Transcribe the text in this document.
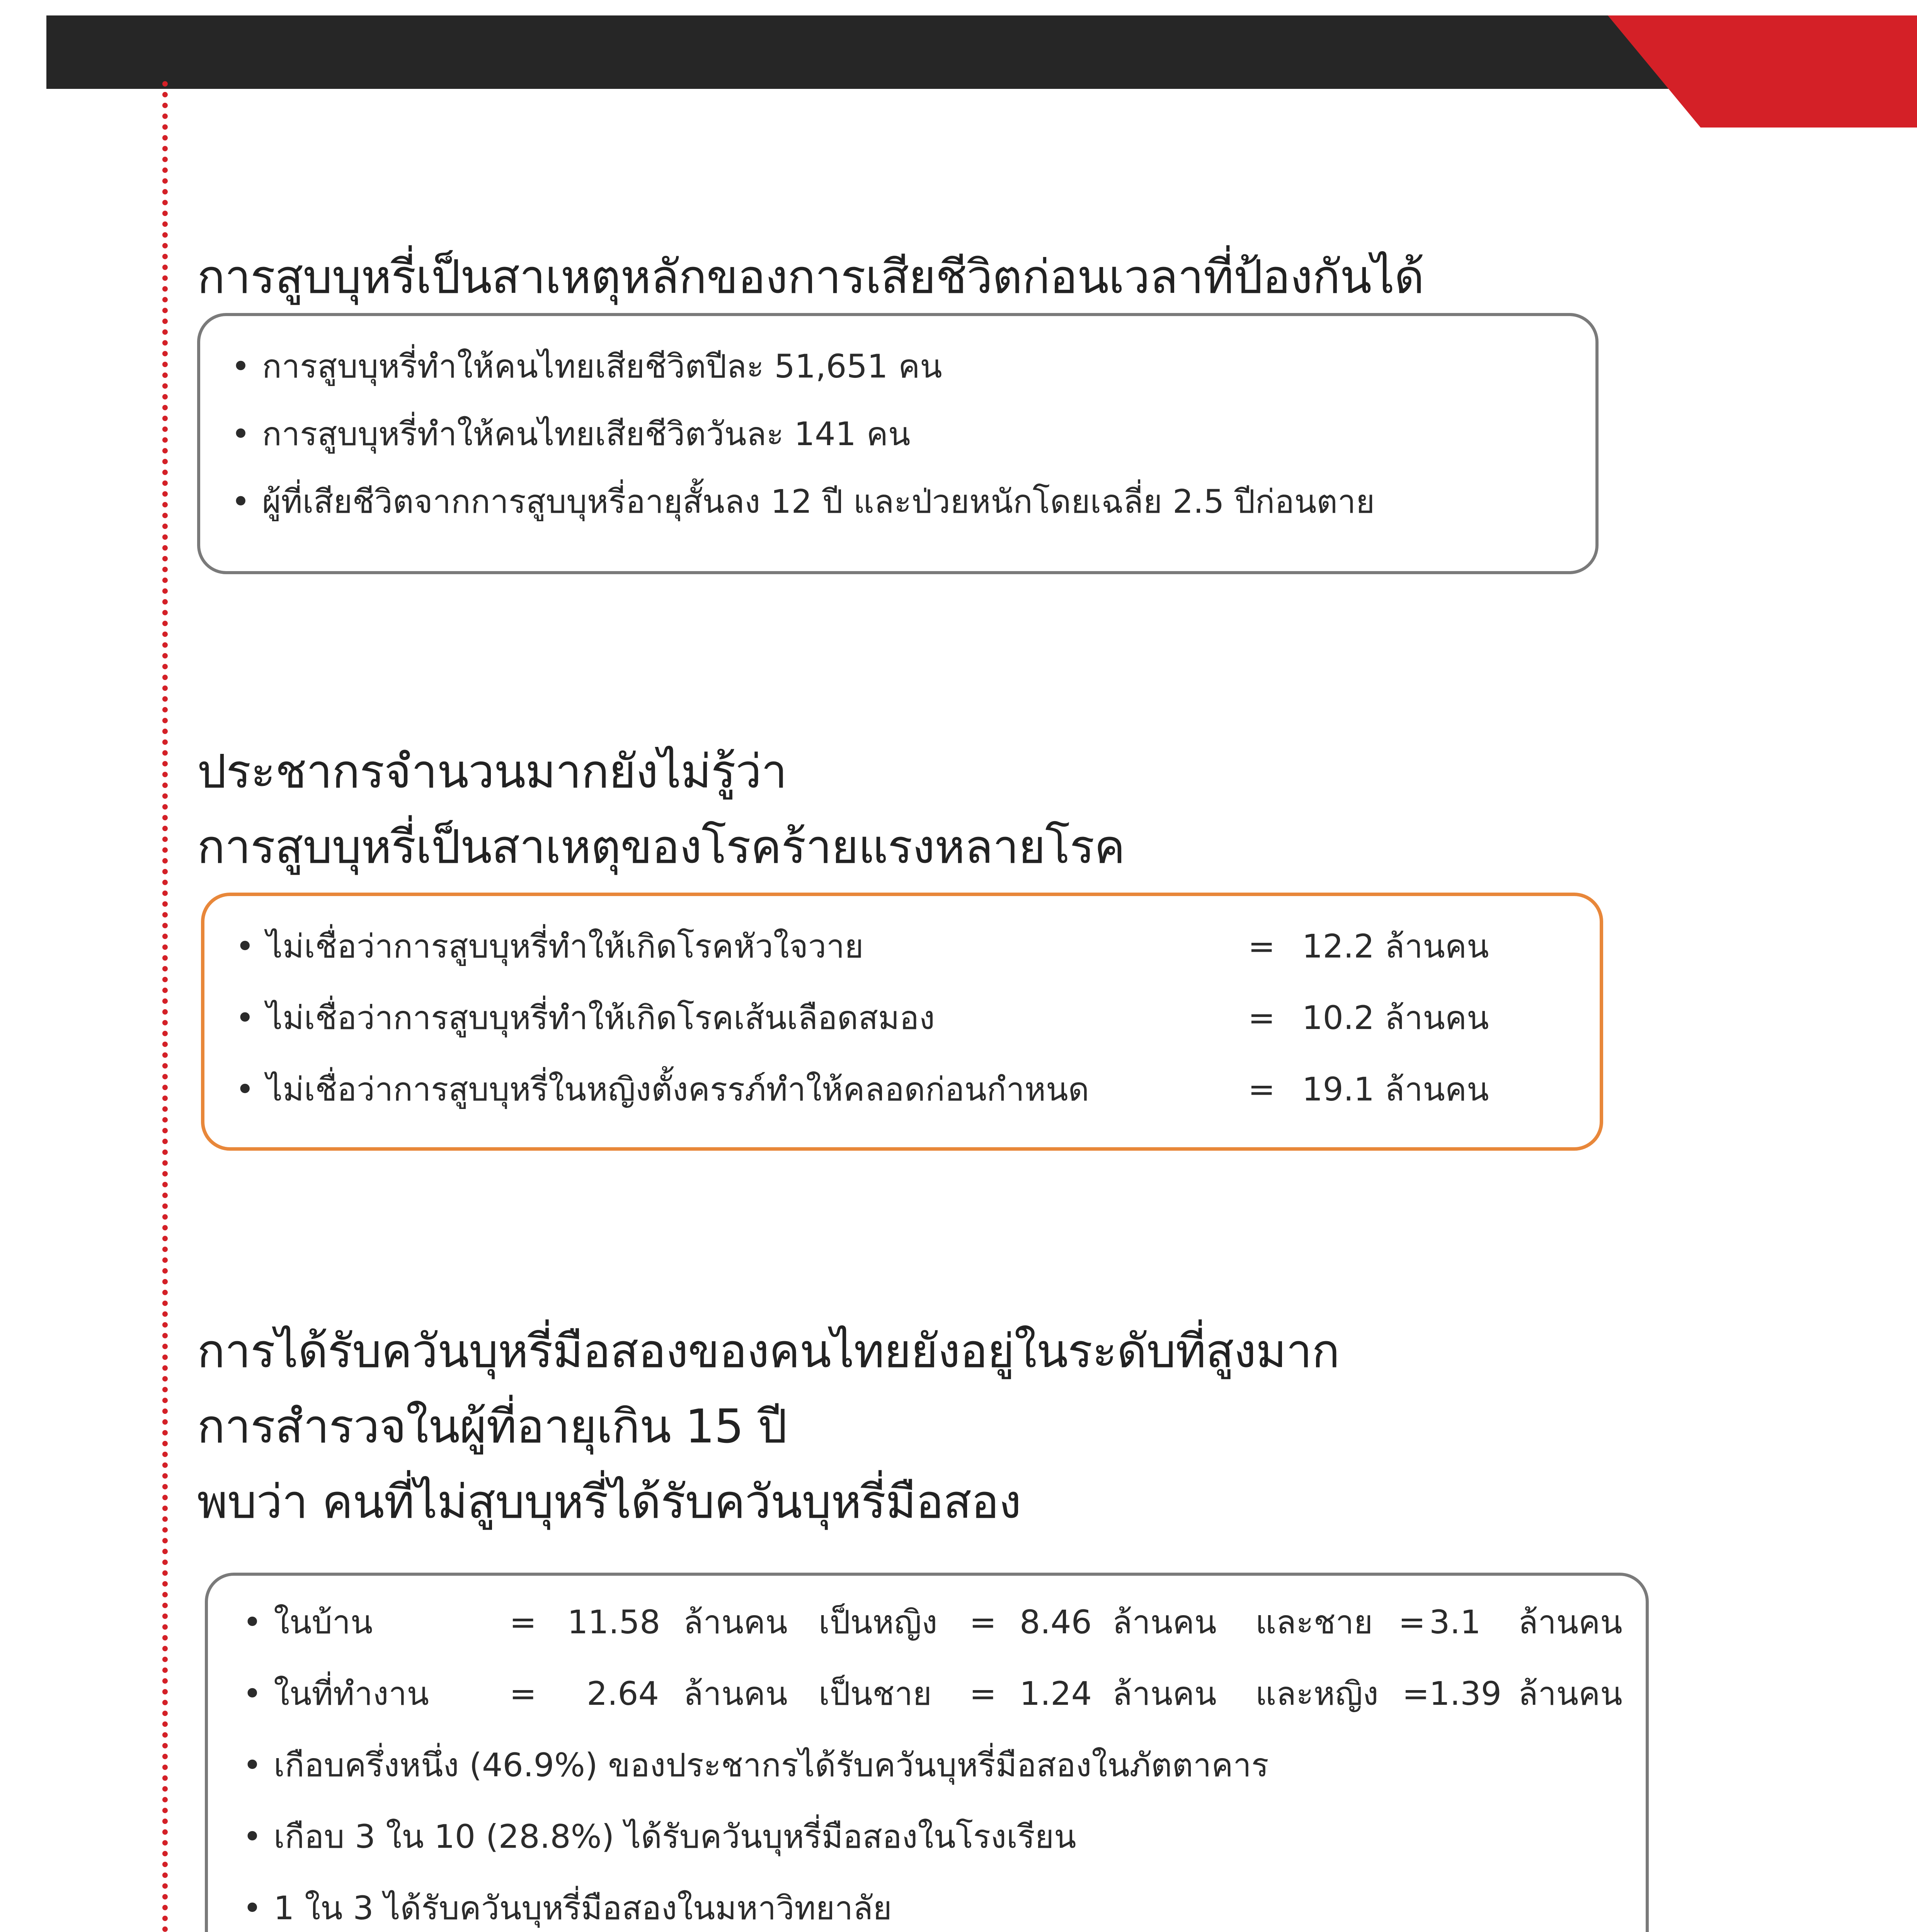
การสูบบุหรี่เป็นสาเหตุหลักของการเสียชีวิตก่อนเวลาที่ป้องกันได้
• การสูบบุหรี่ทำให้คนไทยเสียชีวิตปีละ 51,651 คน
• การสูบบุหรี่ทำให้คนไทยเสียชีวิตวันละ 141 คน
• ผู้ที่เสียชีวิตจากการสูบบุหรี่อายุสั้นลง 12 ปี และป่วยหนักโดยเฉลี่ย 2.5 ปีก่อนตาย
ประชากรจำนวนมากยังไม่รู้ว่า
การสูบบุหรี่เป็นสาเหตุของโรคร้ายแรงหลายโรค
• ไม่เชื่อว่าการสูบบุหรี่ทำให้เกิดโรคหัวใจวาย	= 12.2 ล้านคน
• ไม่เชื่อว่าการสูบบุหรี่ทำให้เกิดโรคเส้นเลือดสมอง	= 10.2 ล้านคน
• ไม่เชื่อว่าการสูบบุหรี่ในหญิงตั้งครรภ์ทำให้คลอดก่อนกำหนด	= 19.1 ล้านคน
การได้รับควันบุหรี่มือสองของคนไทยยังอยู่ในระดับที่สูงมาก
การสำรวจในผู้ที่อายุเกิน 15 ปี
พบว่า คนที่ไม่สูบบุหรี่ได้รับควันบุหรี่มือสอง
• ในบ้าน	= 11.58 ล้านคน เป็นหญิง = 8.46 ล้านคน และชาย = 3.1 ล้านคน
• ในที่ทำงาน = 2.64 ล้านคน เป็นชาย = 1.24 ล้านคน และหญิง = 1.39 ล้านคน
• เกือบครึ่งหนึ่ง (46.9%) ของประชากรได้รับควันบุหรี่มือสองในภัตตาคาร
• เกือบ 3 ใน 10 (28.8%) ได้รับควันบุหรี่มือสองในโรงเรียน
• 1 ใน 3 ได้รับควันบุหรี่มือสองในมหาวิทยาลัย
